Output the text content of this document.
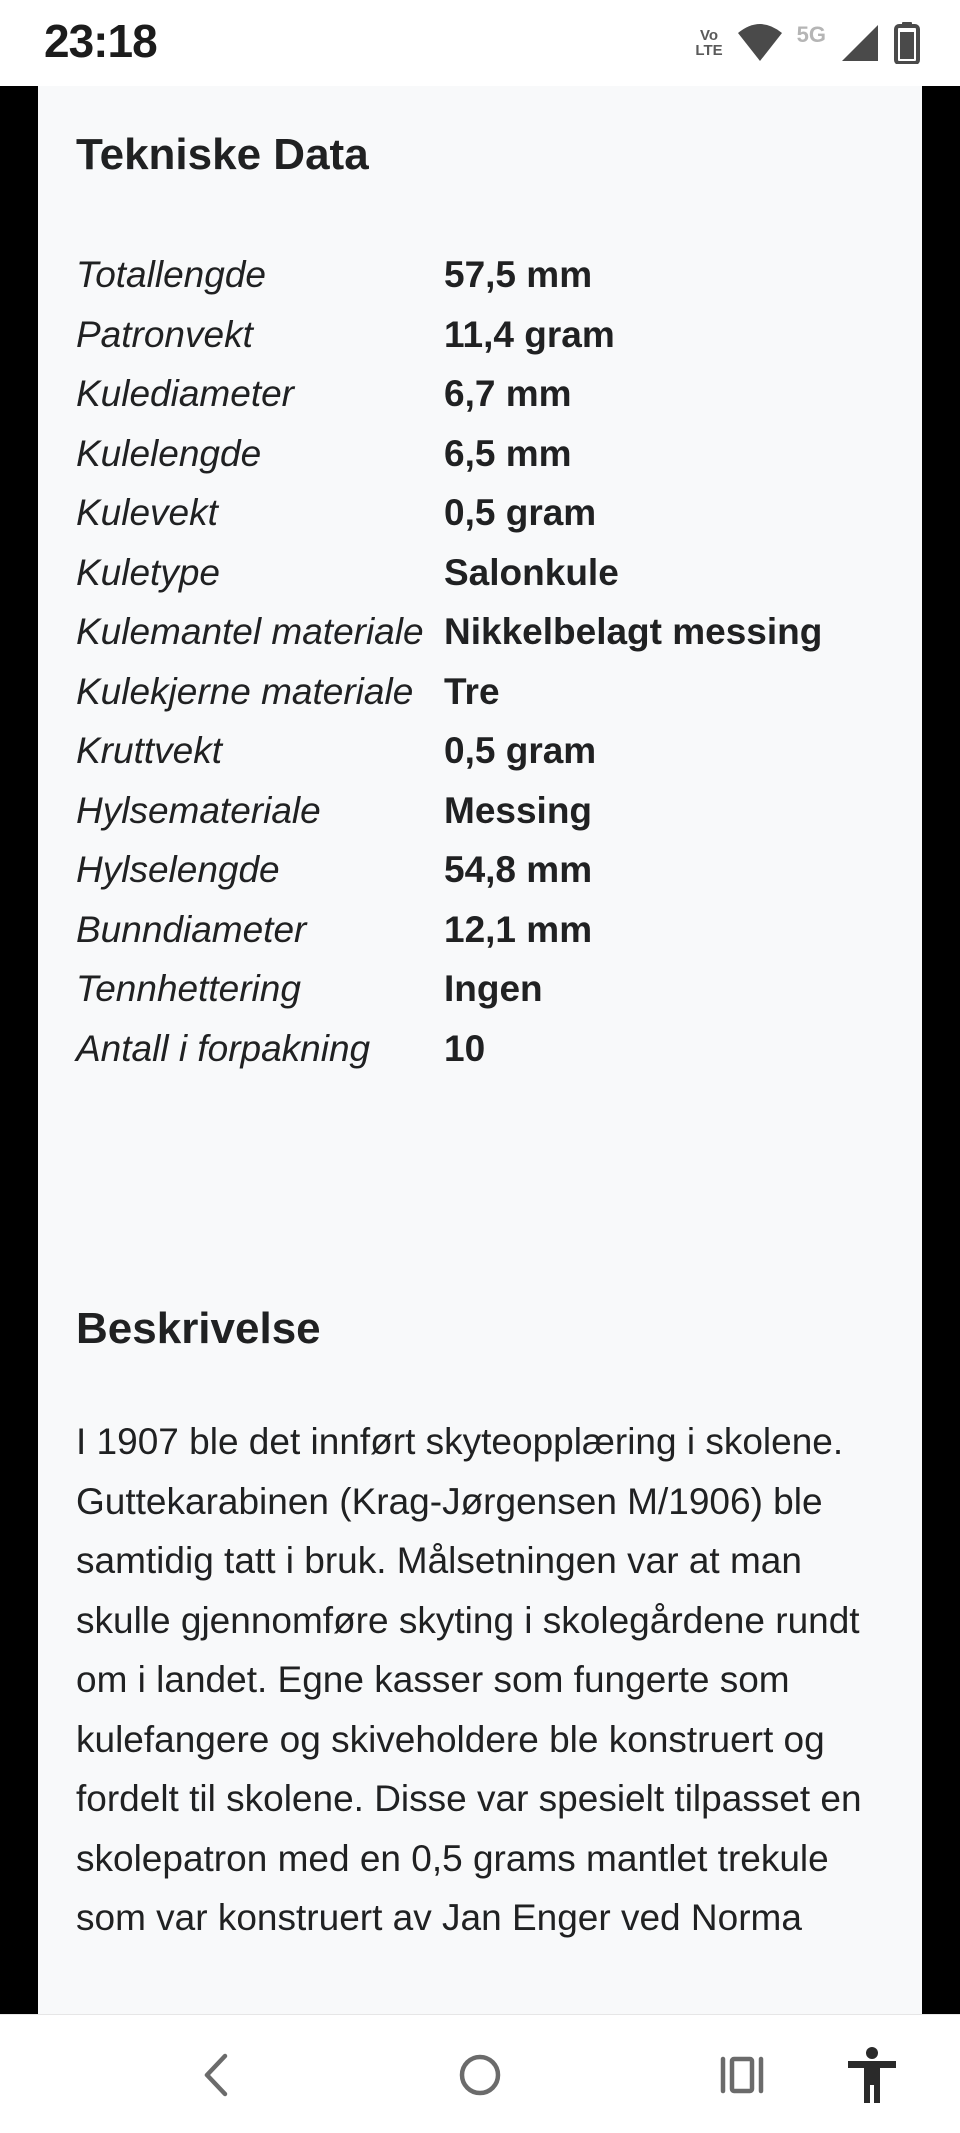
23:18	Vo
LTE
5G
Tekniske Data
Totallengde	57,5 mm
Patronvekt	11,4 gram
Kulediameter	6,7 mm
Kulelengde	6,5 mm
Kulevekt	0,5 gram
Kuletype	Salonkule
Kulemantel materiale	Nikkelbelagt messing
Kulekjerne materiale	Tre
Kruttvekt	0,5 gram
Hylsemateriale	Messing
Hylselengde	54,8 mm
Bunndiameter	12,1 mm
Tennhettering	Ingen
Antall i forpakning	10
Beskrivelse

I 1907 ble det innført skyteopplæring i skolene. Guttekarabinen (Krag-Jørgensen M/1906) ble samtidig tatt i bruk. Målsetningen var at man skulle gjennomføre skyting i skolegårdene rundt om i landet. Egne kasser som fungerte som kulefangere og skiveholdere ble konstruert og fordelt til skolene. Disse var spesielt tilpasset en skolepatron med en 0,5 grams mantlet trekule som var konstruert av Jan Enger ved Norma
